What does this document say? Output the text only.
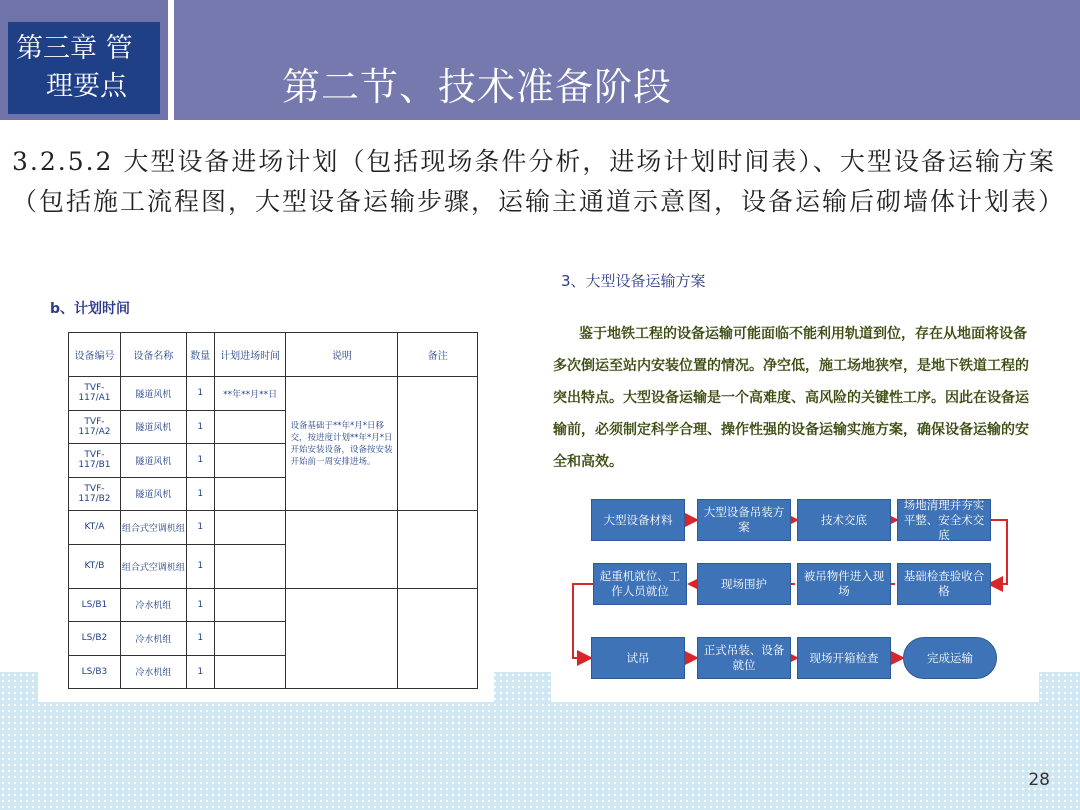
第三章 管
理要点	第二节、技术准备阶段
3.2.5.2 大型设备进场计划（包括现场条件分析，进场计划时间表）、大型设备运输方案（包括施工流程图，大型设备运输步骤，运输主通道示意图，设备运输后砌墙体计划表）
b、计划时间
设备编号	设备名称	数量	计划进场时间	说明	备注
TVF-117/A1	隧道风机	1	**年**月**日	设备基础于**年*月*日移交，按进度计划**年*月*日开始安装设备，设备按安装开始前一周安排进场。	
TVF-117/A2	隧道风机	1			
TVF-117/B1	隧道风机	1			
TVF-117/B2	隧道风机	1			
KT/A	组合式空调机组	1			
KT/B	组合式空调机组	1			
LS/B1	冷水机组	1			
LS/B2	冷水机组	1			
LS/B3	冷水机组	1			
3、大型设备运输方案
鉴于地铁工程的设备运输可能面临不能利用轨道到位，存在从地面将设备多次倒运至站内安装位置的情况。净空低，施工场地狭窄，是地下铁道工程的突出特点。大型设备运输是一个高难度、高风险的关键性工序。因此在设备运输前，必须制定科学合理、操作性强的设备运输实施方案，确保设备运输的安全和高效。
大型设备材料
大型设备吊装方案
技术交底
场地清理并夯实平整、安全术交底
起重机就位、工作人员就位
现场围护
被吊物件进入现场
基础检查验收合格
试吊
正式吊装、设备就位
现场开箱检查	完成运输
28
